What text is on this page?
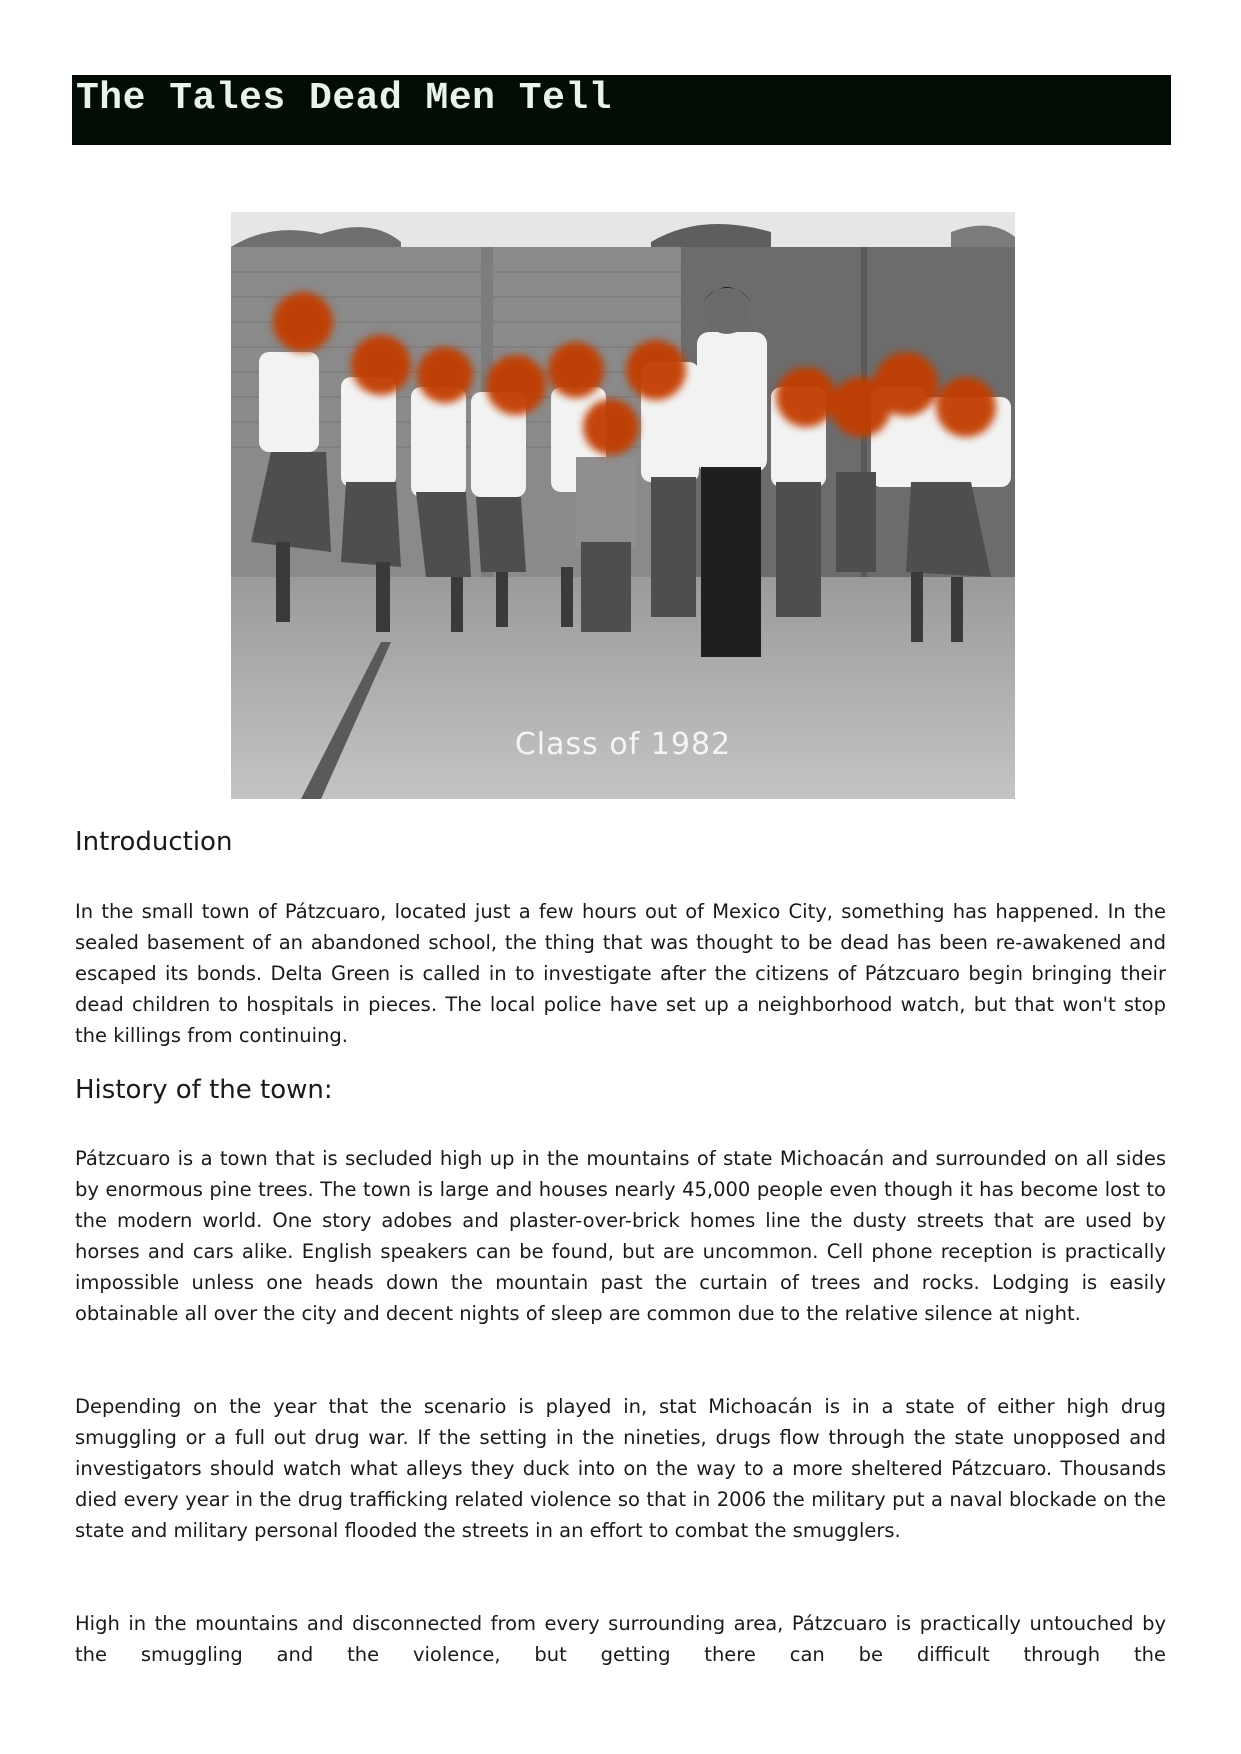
The Tales Dead Men Tell
Class of 1982
Introduction

In the small town of Pátzcuaro, located just a few hours out of Mexico City, something has happened. In the sealed basement of an abandoned school, the thing that was thought to be dead has been re-awakened and escaped its bonds. Delta Green is called in to investigate after the citizens of Pátzcuaro begin bringing their dead children to hospitals in pieces. The local police have set up a neighborhood watch, but that won't stop the killings from continuing.

History of the town:

Pátzcuaro is a town that is secluded high up in the mountains of state Michoacán and surrounded on all sides by enormous pine trees. The town is large and houses nearly 45,000 people even though it has become lost to the modern world. One story adobes and plaster-over-brick homes line the dusty streets that are used by horses and cars alike. English speakers can be found, but are uncommon. Cell phone reception is practically impossible unless one heads down the mountain past the curtain of trees and rocks. Lodging is easily obtainable all over the city and decent nights of sleep are common due to the relative silence at night.

Depending on the year that the scenario is played in, stat Michoacán is in a state of either high drug smuggling or a full out drug war. If the setting in the nineties, drugs flow through the state unopposed and investigators should watch what alleys they duck into on the way to a more sheltered Pátzcuaro. Thousands died every year in the drug trafficking related violence so that in 2006 the military put a naval blockade on the state and military personal flooded the streets in an effort to combat the smugglers.

High in the mountains and disconnected from every surrounding area, Pátzcuaro is practically untouched by the smuggling and the violence, but getting there can be difficult through the
